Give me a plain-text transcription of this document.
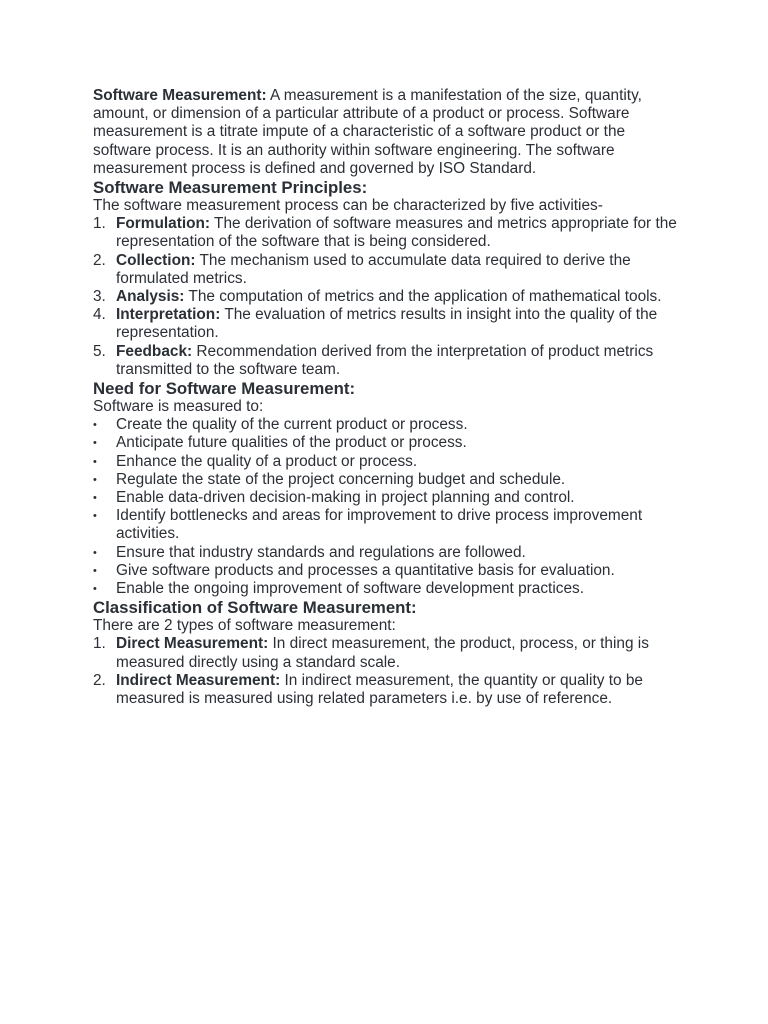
Software Measurement: A measurement is a manifestation of the size, quantity, amount, or dimension of a particular attribute of a product or process. Software measurement is a titrate impute of a characteristic of a software product or the software process. It is an authority within software engineering. The software measurement process is defined and governed by ISO Standard.

Software Measurement Principles:

The software measurement process can be characterized by five activities-

1. Formulation: The derivation of software measures and metrics appropriate for the representation of the software that is being considered.
2. Collection: The mechanism used to accumulate data required to derive the formulated metrics.
3. Analysis: The computation of metrics and the application of mathematical tools.
4. Interpretation: The evaluation of metrics results in insight into the quality of the representation.
5. Feedback: Recommendation derived from the interpretation of product metrics transmitted to the software team.
Need for Software Measurement:

Software is measured to:

• Create the quality of the current product or process.
• Anticipate future qualities of the product or process.
• Enhance the quality of a product or process.
• Regulate the state of the project concerning budget and schedule.
• Enable data-driven decision-making in project planning and control.
• Identify bottlenecks and areas for improvement to drive process improvement activities.
• Ensure that industry standards and regulations are followed.
• Give software products and processes a quantitative basis for evaluation.
• Enable the ongoing improvement of software development practices.
Classification of Software Measurement:

There are 2 types of software measurement:

1. Direct Measurement: In direct measurement, the product, process, or thing is measured directly using a standard scale.
2. Indirect Measurement: In indirect measurement, the quantity or quality to be measured is measured using related parameters i.e. by use of reference.
